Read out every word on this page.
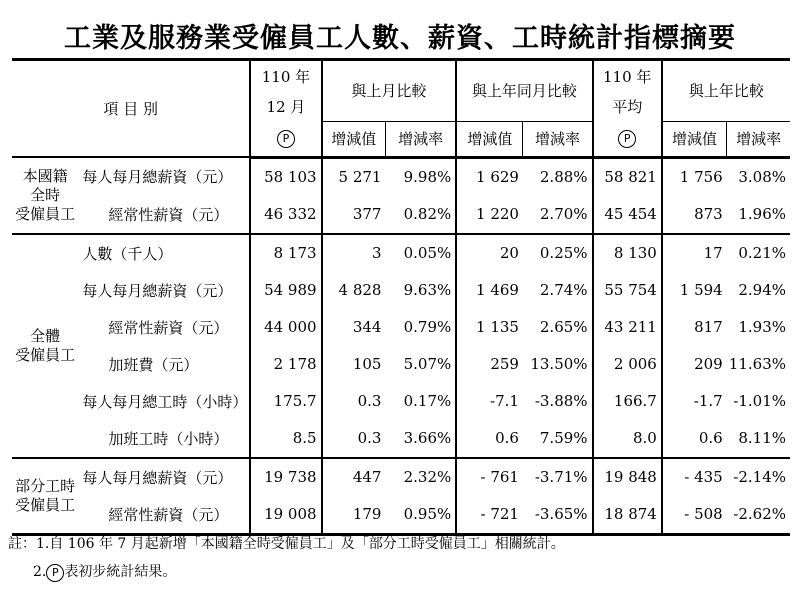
工業及服務業受僱員工人數、薪資、工時統計指標摘要
項 目 別		110 年	與上月比較		與上年同月比較		110 年	與上年比較	
		12 月					平均		
		P	增減值	增減率	增減值	增減率	P	增減值	增減率

本國籍
全時
受僱員工	每人每月總薪資（元）	58 103	5 271	9.98%	1 629	2.88%	58 821	1 756	3.08%
	經常性薪資（元）	46 332	377	0.82%	1 220	2.70%	45 454	873	1.96%

全體
受僱員工	人數（千人）	8 173	3	0.05%	20	0.25%	8 130	17	0.21%
	每人每月總薪資（元）	54 989	4 828	9.63%	1 469	2.74%	55 754	1 594	2.94%
	經常性薪資（元）	44 000	344	0.79%	1 135	2.65%	43 211	817	1.93%
	加班費（元）	2 178	105	5.07%	259	13.50%	2 006	209	11.63%
	每人每月總工時（小時）	175.7	0.3	0.17%	-7.1	-3.88%	166.7	-1.7	-1.01%
	加班工時（小時）	8.5	0.3	3.66%	0.6	7.59%	8.0	0.6	8.11%

部分工時
受僱員工	每人每月總薪資（元）	19 738	447	2.32%	- 761	-3.71%	19 848	- 435	-2.14%
	經常性薪資（元）	19 008	179	0.95%	- 721	-3.65%	18 874	- 508	-2.62%
註：1.自 106 年 7 月起新增「本國籍全時受僱員工」及「部分工時受僱員工」相關統計。
2. P 表初步統計結果。
